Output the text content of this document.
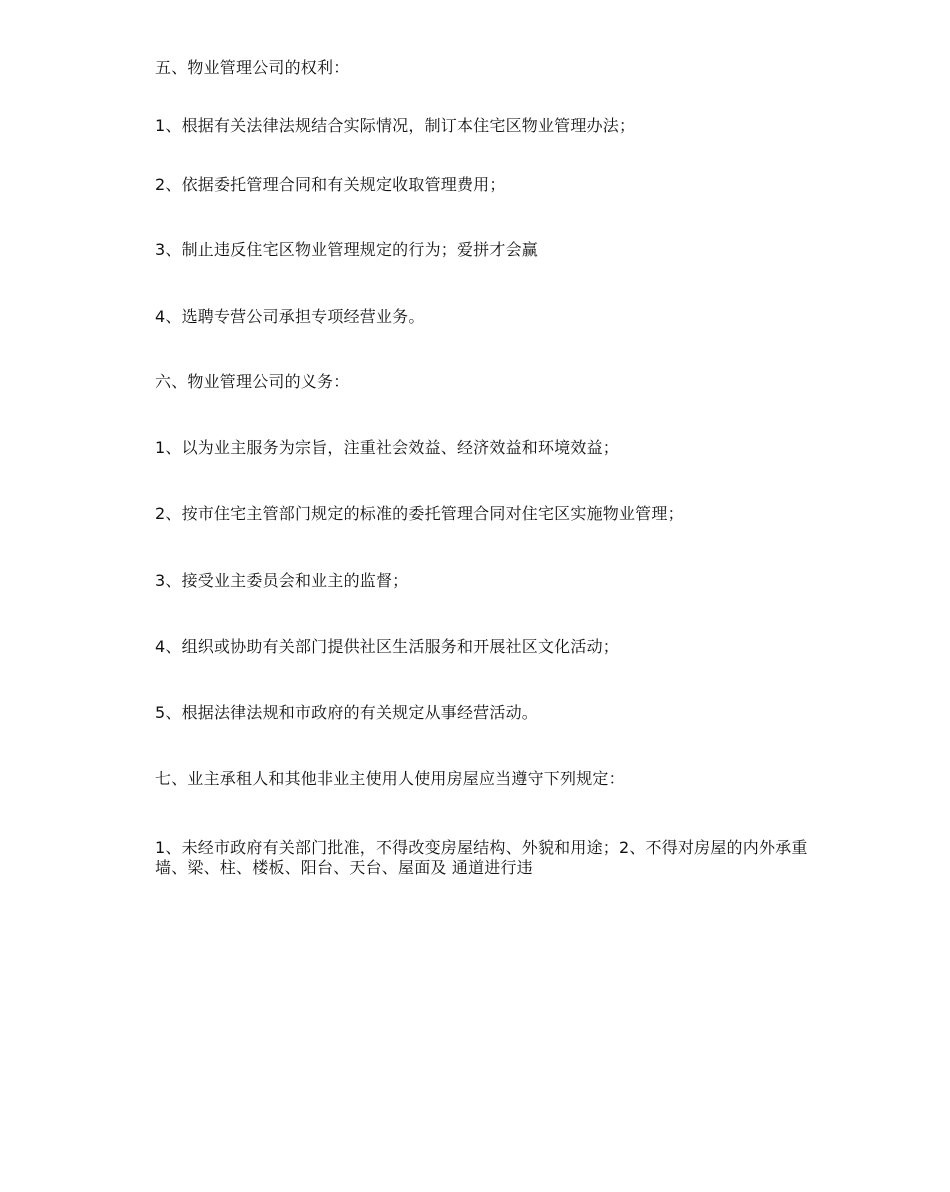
五、物业管理公司的权利：

1、根据有关法律法规结合实际情况，制订本住宅区物业管理办法；

2、依据委托管理合同和有关规定收取管理费用；

3、制止违反住宅区物业管理规定的行为；爱拼才会赢

4、选聘专营公司承担专项经营业务。

六、物业管理公司的义务：

1、以为业主服务为宗旨，注重社会效益、经济效益和环境效益；

2、按市住宅主管部门规定的标准的委托管理合同对住宅区实施物业管理；

3、接受业主委员会和业主的监督；

4、组织或协助有关部门提供社区生活服务和开展社区文化活动；

5、根据法律法规和市政府的有关规定从事经营活动。

七、业主承租人和其他非业主使用人使用房屋应当遵守下列规定：

1、未经市政府有关部门批准，不得改变房屋结构、外貌和用途；2、不得对房屋的内外承重墙、梁、柱、楼板、阳台、天台、屋面及 通道进行违
